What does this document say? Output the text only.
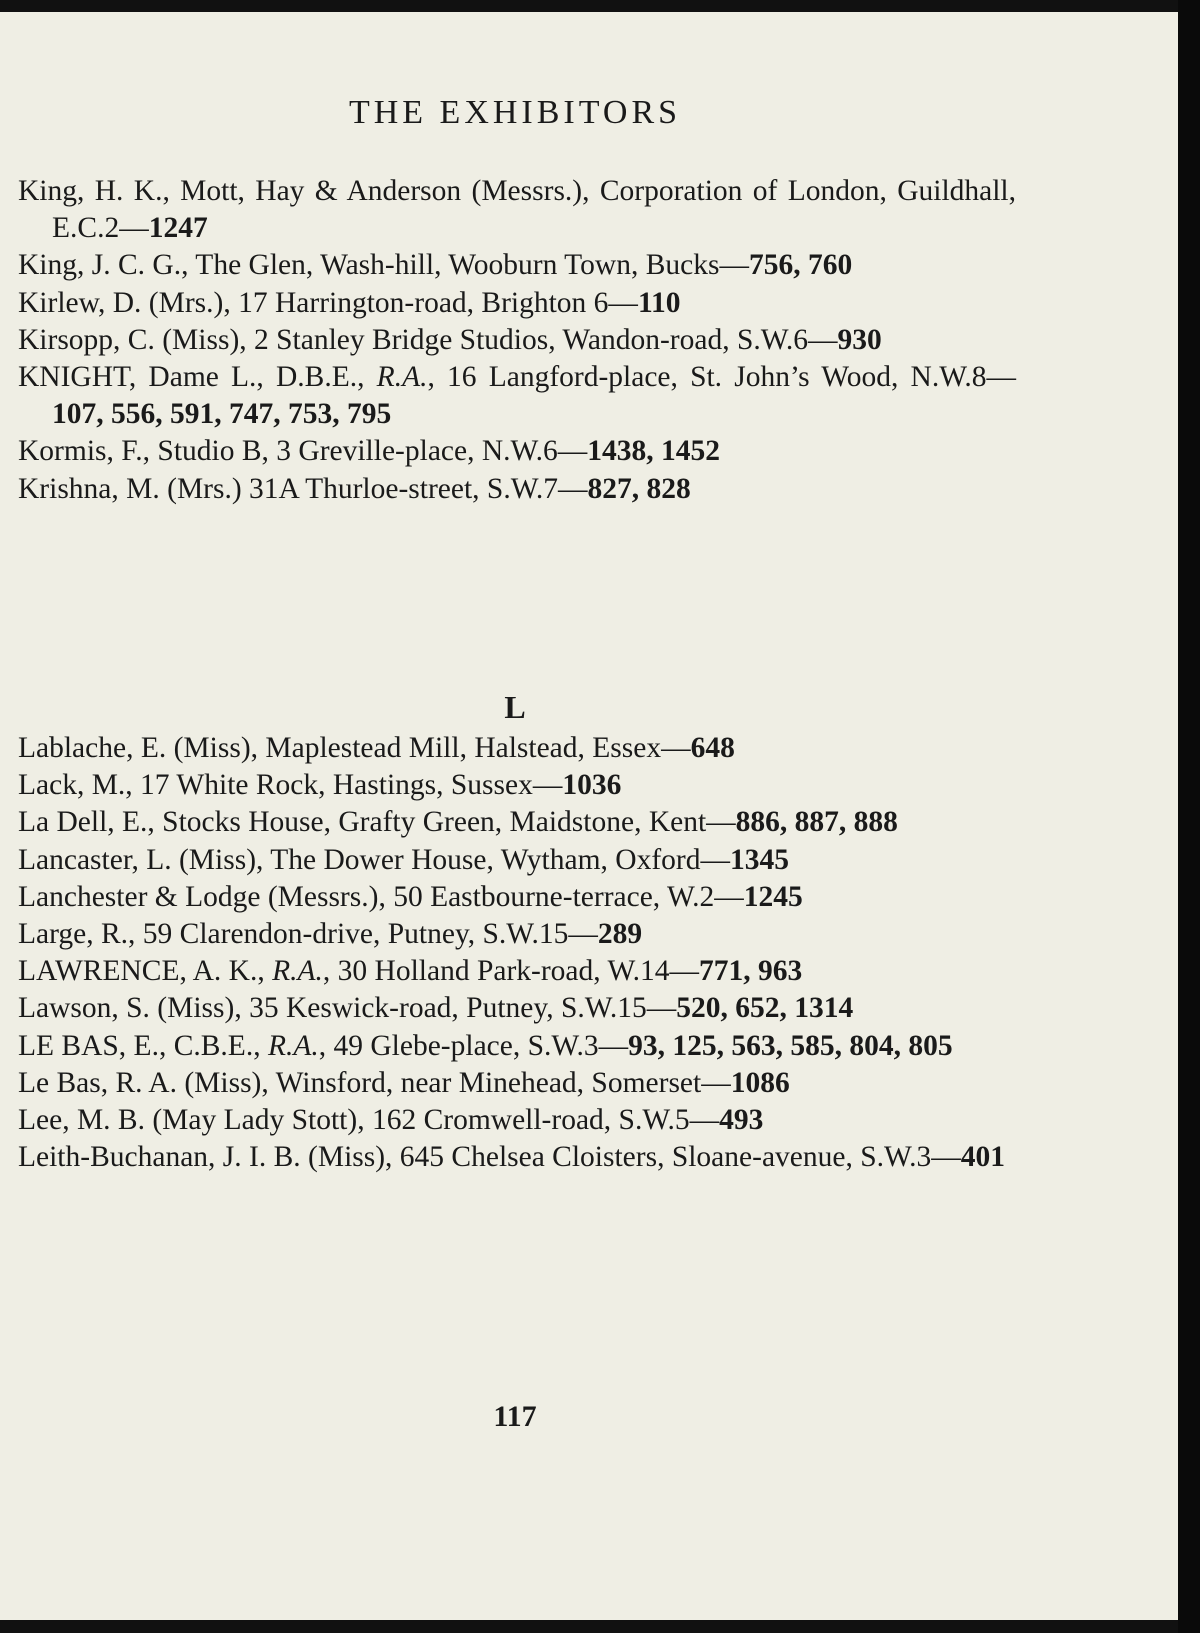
THE EXHIBITORS

King, H. K., Mott, Hay & Anderson (Messrs.), Corporation of London, Guildhall, E.C.2—1247

King, J. C. G., The Glen, Wash-hill, Wooburn Town, Bucks—756, 760

Kirlew, D. (Mrs.), 17 Harrington-road, Brighton 6—110

Kirsopp, C. (Miss), 2 Stanley Bridge Studios, Wandon-road, S.W.6—930

KNIGHT, Dame L., D.B.E., R.A., 16 Langford-place, St. John’s Wood, N.W.8—107, 556, 591, 747, 753, 795

Kormis, F., Studio B, 3 Greville-place, N.W.6—1438, 1452

Krishna, M. (Mrs.) 31A Thurloe-street, S.W.7—827, 828

L

Lablache, E. (Miss), Maplestead Mill, Halstead, Essex—648

Lack, M., 17 White Rock, Hastings, Sussex—1036

La Dell, E., Stocks House, Grafty Green, Maidstone, Kent—886, 887, 888

Lancaster, L. (Miss), The Dower House, Wytham, Oxford—1345

Lanchester & Lodge (Messrs.), 50 Eastbourne-terrace, W.2—1245

Large, R., 59 Clarendon-drive, Putney, S.W.15—289

LAWRENCE, A. K., R.A., 30 Holland Park-road, W.14—771, 963

Lawson, S. (Miss), 35 Keswick-road, Putney, S.W.15—520, 652, 1314

LE BAS, E., C.B.E., R.A., 49 Glebe-place, S.W.3—93, 125, 563, 585, 804, 805

Le Bas, R. A. (Miss), Winsford, near Minehead, Somerset—1086

Lee, M. B. (May Lady Stott), 162 Cromwell-road, S.W.5—493

Leith-Buchanan, J. I. B. (Miss), 645 Chelsea Cloisters, Sloane-avenue, S.W.3—401

117
